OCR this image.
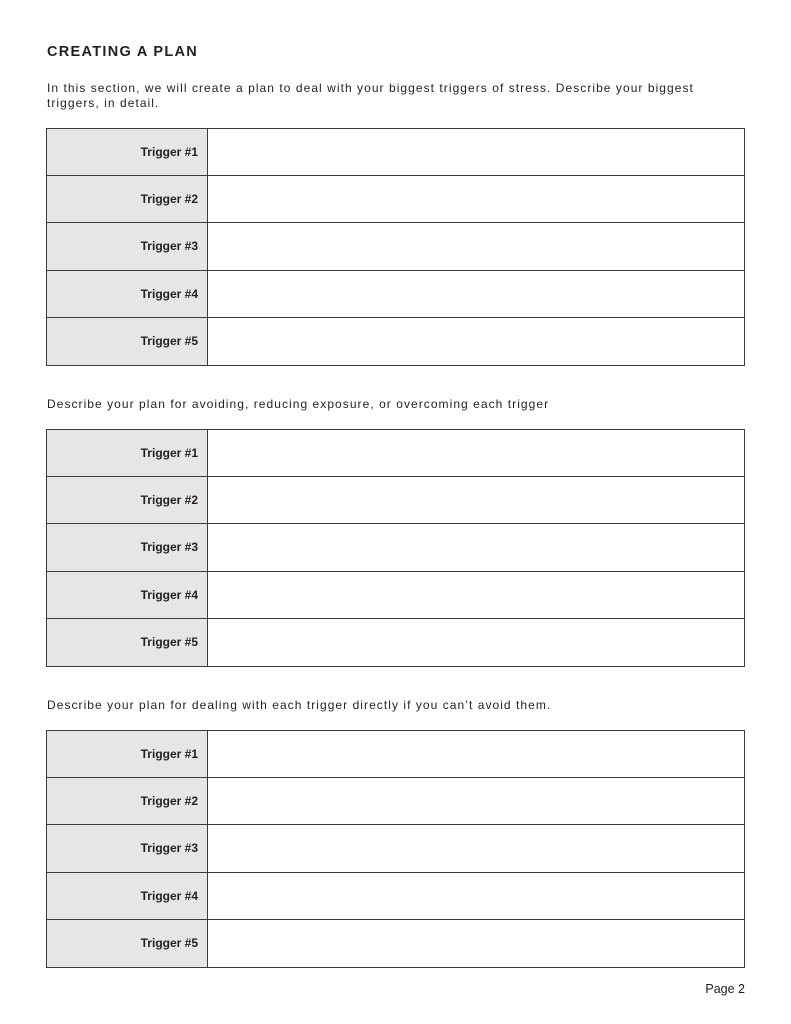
CREATING A PLAN
In this section, we will create a plan to deal with your biggest triggers of stress. Describe your biggest triggers, in detail.
Trigger #1
Trigger #2
Trigger #3
Trigger #4
Trigger #5
Describe your plan for avoiding, reducing exposure, or overcoming each trigger
Trigger #1
Trigger #2
Trigger #3
Trigger #4
Trigger #5
Describe your plan for dealing with each trigger directly if you can’t avoid them.
Trigger #1
Trigger #2
Trigger #3
Trigger #4
Trigger #5
Page 2
